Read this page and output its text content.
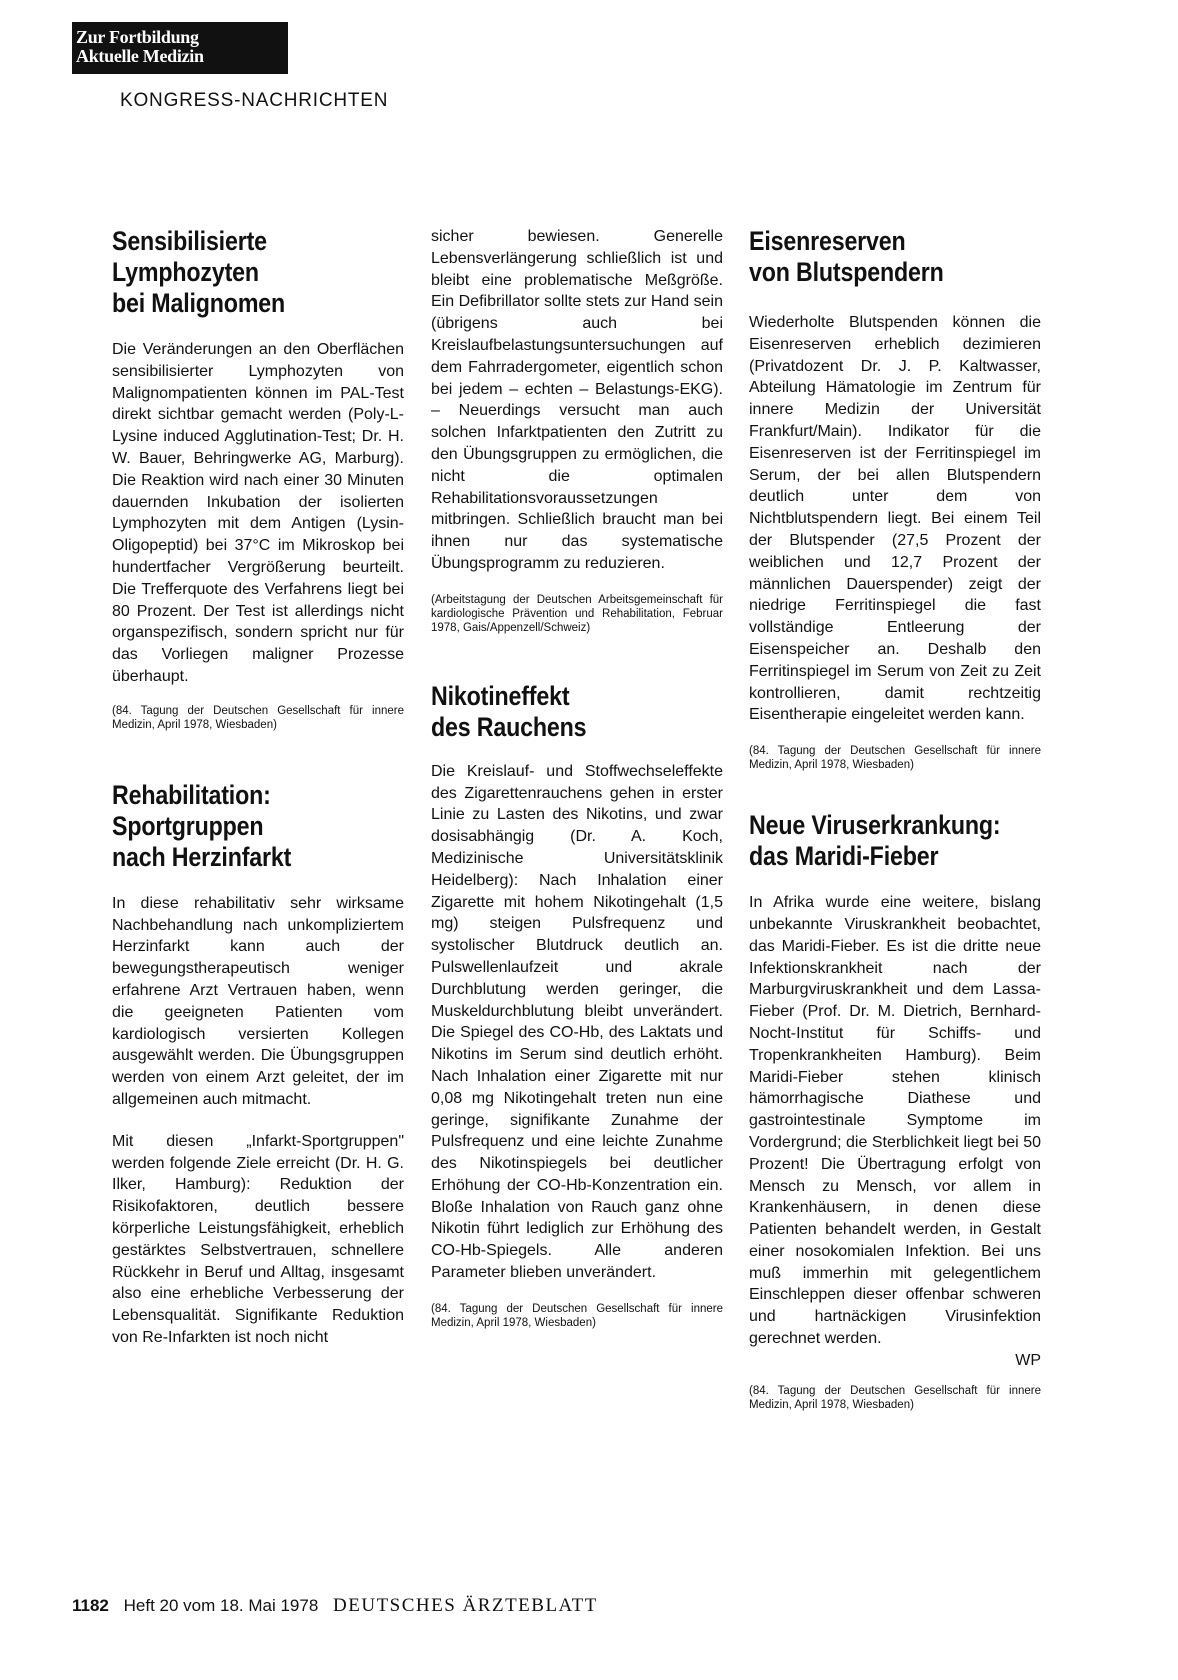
Zur Fortbildung
Aktuelle Medizin
KONGRESS-NACHRICHTEN
Sensibilisierte
Lymphozyten
bei Malignomen

Die Veränderungen an den Oberflächen sensibilisierter Lymphozyten von Malignompatienten können im PAL-Test direkt sichtbar gemacht werden (Poly-L-Lysine induced Agglutination-Test; Dr. H. W. Bauer, Behringwerke AG, Marburg). Die Reaktion wird nach einer 30 Minuten dauernden Inkubation der isolierten Lymphozyten mit dem Antigen (Lysin-Oligopeptid) bei 37°C im Mikroskop bei hundertfacher Vergrößerung beurteilt. Die Trefferquote des Verfahrens liegt bei 80 Prozent. Der Test ist allerdings nicht organspezifisch, sondern spricht nur für das Vorliegen maligner Prozesse überhaupt.

(84. Tagung der Deutschen Gesellschaft für innere Medizin, April 1978, Wiesbaden)

Rehabilitation:
Sportgruppen
nach Herzinfarkt

In diese rehabilitativ sehr wirksame Nachbehandlung nach unkompliziertem Herzinfarkt kann auch der bewegungstherapeutisch weniger erfahrene Arzt Vertrauen haben, wenn die geeigneten Patienten vom kardiologisch versierten Kollegen ausgewählt werden. Die Übungsgruppen werden von einem Arzt geleitet, der im allgemeinen auch mitmacht.

Mit diesen „Infarkt-Sportgruppen" werden folgende Ziele erreicht (Dr. H. G. Ilker, Hamburg): Reduktion der Risikofaktoren, deutlich bessere körperliche Leistungsfähigkeit, erheblich gestärktes Selbstvertrauen, schnellere Rückkehr in Beruf und Alltag, insgesamt also eine erhebliche Verbesserung der Lebensqualität. Signifikante Reduktion von Re-Infarkten ist noch nicht

sicher bewiesen. Generelle Lebensverlängerung schließlich ist und bleibt eine problematische Meßgröße. Ein Defibrillator sollte stets zur Hand sein (übrigens auch bei Kreislaufbelastungsuntersuchungen auf dem Fahrradergometer, eigentlich schon bei jedem – echten – Belastungs-EKG). – Neuerdings versucht man auch solchen Infarktpatienten den Zutritt zu den Übungsgruppen zu ermöglichen, die nicht die optimalen Rehabilitationsvoraussetzungen mitbringen. Schließlich braucht man bei ihnen nur das systematische Übungsprogramm zu reduzieren.

(Arbeitstagung der Deutschen Arbeitsgemeinschaft für kardiologische Prävention und Rehabilitation, Februar 1978, Gais/Appenzell/Schweiz)

Nikotineffekt
des Rauchens

Die Kreislauf- und Stoffwechseleffekte des Zigarettenrauchens gehen in erster Linie zu Lasten des Nikotins, und zwar dosisabhängig (Dr. A. Koch, Medizinische Universitätsklinik Heidelberg): Nach Inhalation einer Zigarette mit hohem Nikotingehalt (1,5 mg) steigen Pulsfrequenz und systolischer Blutdruck deutlich an. Pulswellenlaufzeit und akrale Durchblutung werden geringer, die Muskeldurchblutung bleibt unverändert. Die Spiegel des CO-Hb, des Laktats und Nikotins im Serum sind deutlich erhöht. Nach Inhalation einer Zigarette mit nur 0,08 mg Nikotingehalt treten nun eine geringe, signifikante Zunahme der Pulsfrequenz und eine leichte Zunahme des Nikotinspiegels bei deutlicher Erhöhung der CO-Hb-Konzentration ein. Bloße Inhalation von Rauch ganz ohne Nikotin führt lediglich zur Erhöhung des CO-Hb-Spiegels. Alle anderen Parameter blieben unverändert.

(84. Tagung der Deutschen Gesellschaft für innere Medizin, April 1978, Wiesbaden)

Eisenreserven
von Blutspendern

Wiederholte Blutspenden können die Eisenreserven erheblich dezimieren (Privatdozent Dr. J. P. Kaltwasser, Abteilung Hämatologie im Zentrum für innere Medizin der Universität Frankfurt/Main). Indikator für die Eisenreserven ist der Ferritinspiegel im Serum, der bei allen Blutspendern deutlich unter dem von Nichtblutspendern liegt. Bei einem Teil der Blutspender (27,5 Prozent der weiblichen und 12,7 Prozent der männlichen Dauerspender) zeigt der niedrige Ferritinspiegel die fast vollständige Entleerung der Eisenspeicher an. Deshalb den Ferritinspiegel im Serum von Zeit zu Zeit kontrollieren, damit rechtzeitig Eisentherapie eingeleitet werden kann.

(84. Tagung der Deutschen Gesellschaft für innere Medizin, April 1978, Wiesbaden)

Neue Viruserkrankung:
das Maridi-Fieber

In Afrika wurde eine weitere, bislang unbekannte Viruskrankheit beobachtet, das Maridi-Fieber. Es ist die dritte neue Infektionskrankheit nach der Marburgviruskrankheit und dem Lassa-Fieber (Prof. Dr. M. Dietrich, Bernhard-Nocht-Institut für Schiffs- und Tropenkrankheiten Hamburg). Beim Maridi-Fieber stehen klinisch hämorrhagische Diathese und gastrointestinale Symptome im Vordergrund; die Sterblichkeit liegt bei 50 Prozent! Die Übertragung erfolgt von Mensch zu Mensch, vor allem in Krankenhäusern, in denen diese Patienten behandelt werden, in Gestalt einer nosokomialen Infektion. Bei uns muß immerhin mit gelegentlichem Einschleppen dieser offenbar schweren und hartnäckigen Virusinfektion gerechnet werden.

WP

(84. Tagung der Deutschen Gesellschaft für innere Medizin, April 1978, Wiesbaden)

1182 Heft 20 vom 18. Mai 1978 DEUTSCHES ÄRZTEBLATT
